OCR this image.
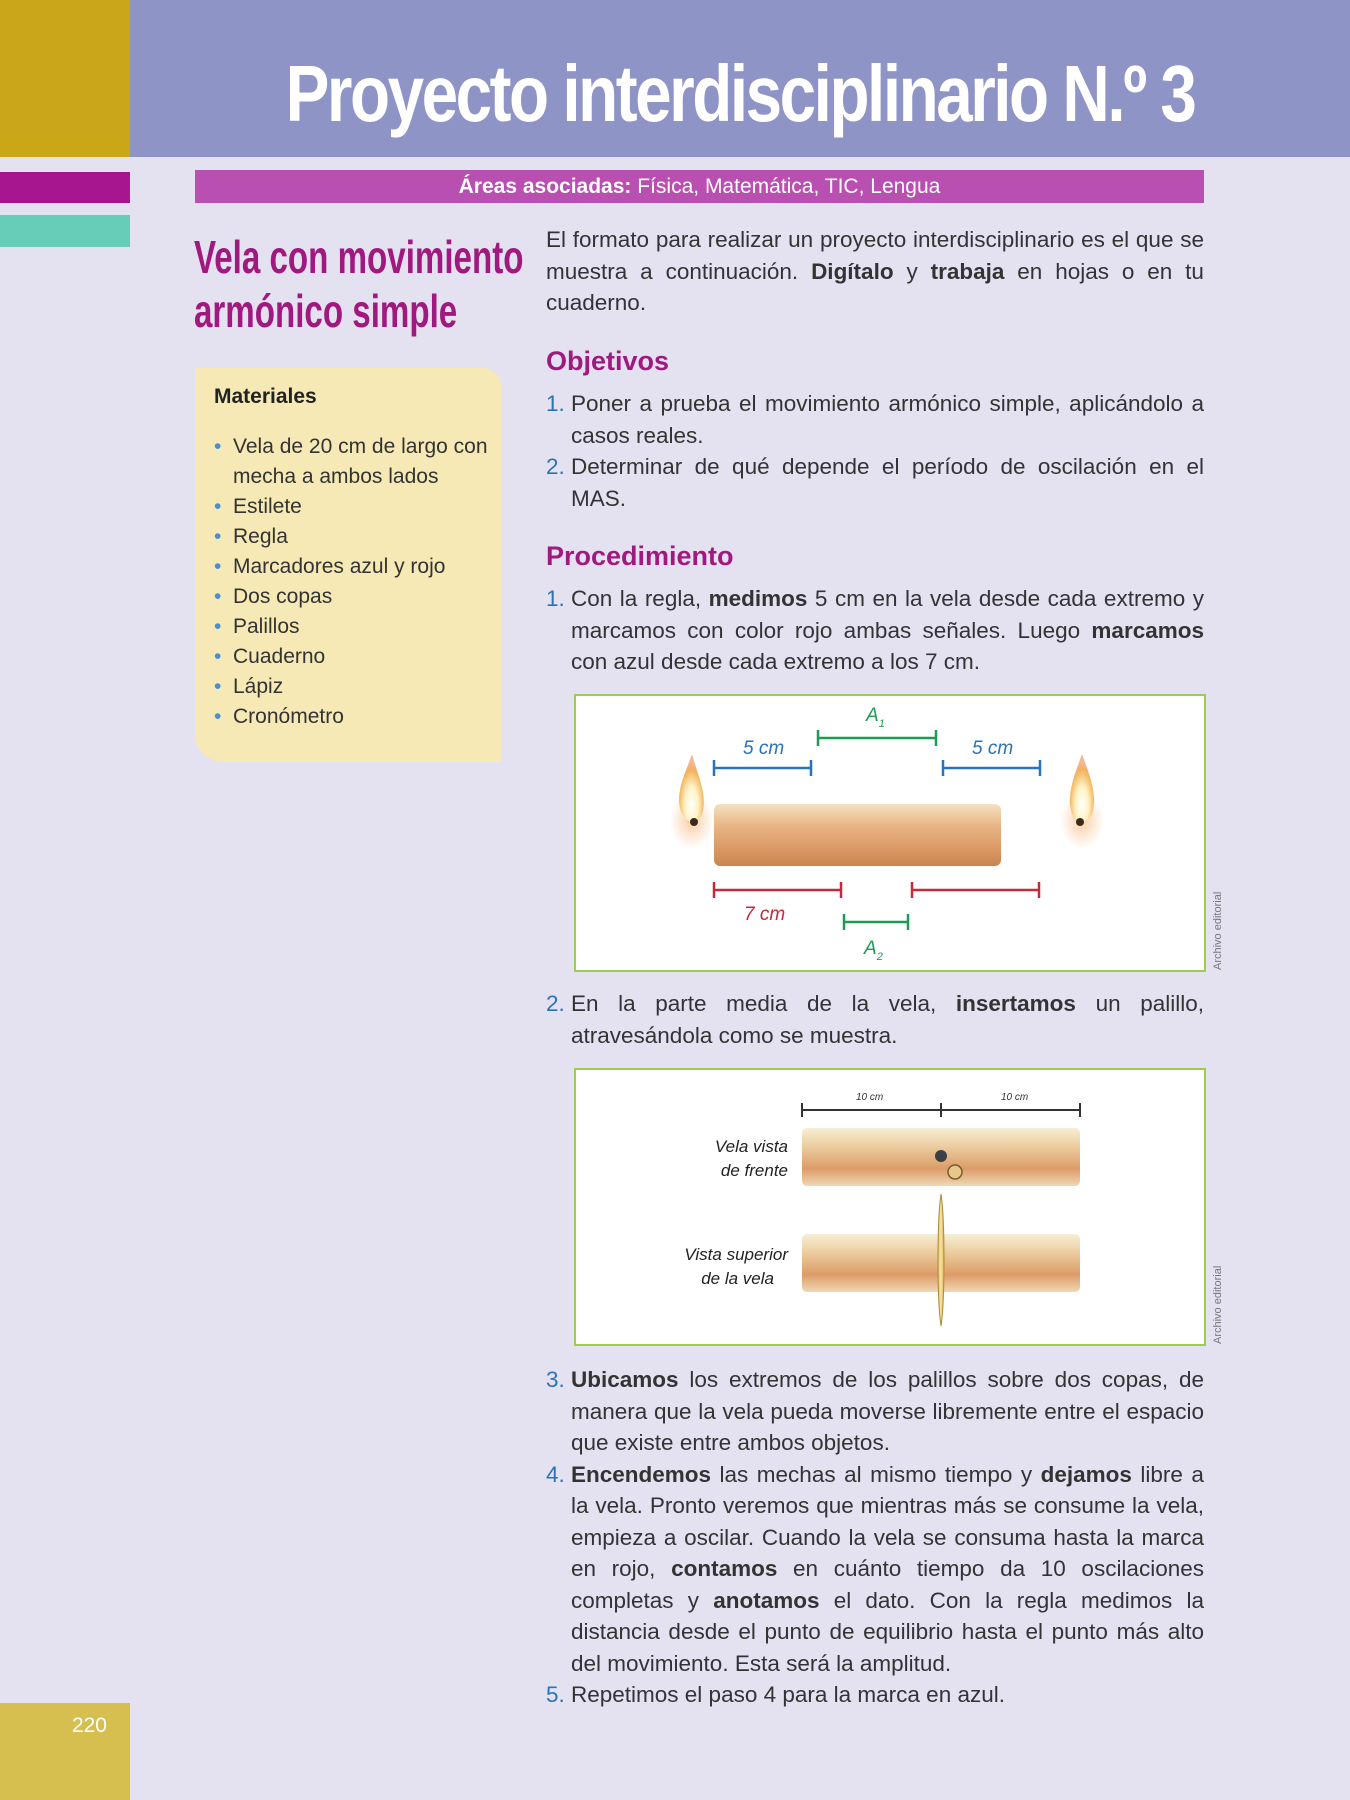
220
Proyecto interdisciplinario N.º 3
Áreas asociadas: Física, Matemática, TIC, Lengua
Vela con movimiento
armónico simple
Materiales
• Vela de 20 cm de largo con mecha a ambos lados
• Estilete
• Regla
• Marcadores azul y rojo
• Dos copas
• Palillos
• Cuaderno
• Lápiz
• Cronómetro
El formato para realizar un proyecto interdisciplinario es el que se muestra a continuación. Digítalo y trabaja en hojas o en tu cuaderno.
Objetivos
1. Poner a prueba el movimiento armónico simple, aplicándolo a casos reales.
2. Determinar de qué depende el período de oscilación en el MAS.
Procedimiento
1. Con la regla, medimos 5 cm en la vela desde cada extremo y marcamos con color rojo ambas señales. Luego marcamos con azul desde cada extremo a los 7 cm.
$A_1$
5 cm	5 cm
7 cm
$A_2$	Archivo editorial
2. En la parte media de la vela, insertamos un palillo, atravesándola como se muestra.
10 cm	10 cm
Vela vista
de frente
Vista superior
de la vela	Archivo editorial
3. Ubicamos los extremos de los palillos sobre dos copas, de manera que la vela pueda moverse libremente entre el espacio que existe entre ambos objetos.
4. Encendemos las mechas al mismo tiempo y dejamos libre a la vela. Pronto veremos que mientras más se consume la vela, empieza a oscilar. Cuando la vela se consuma hasta la marca en rojo, contamos en cuánto tiempo da 10 oscilaciones completas y anotamos el dato. Con la regla medimos la distancia desde el punto de equilibrio hasta el punto más alto del movimiento. Esta será la amplitud.
5. Repetimos el paso 4 para la marca en azul.
